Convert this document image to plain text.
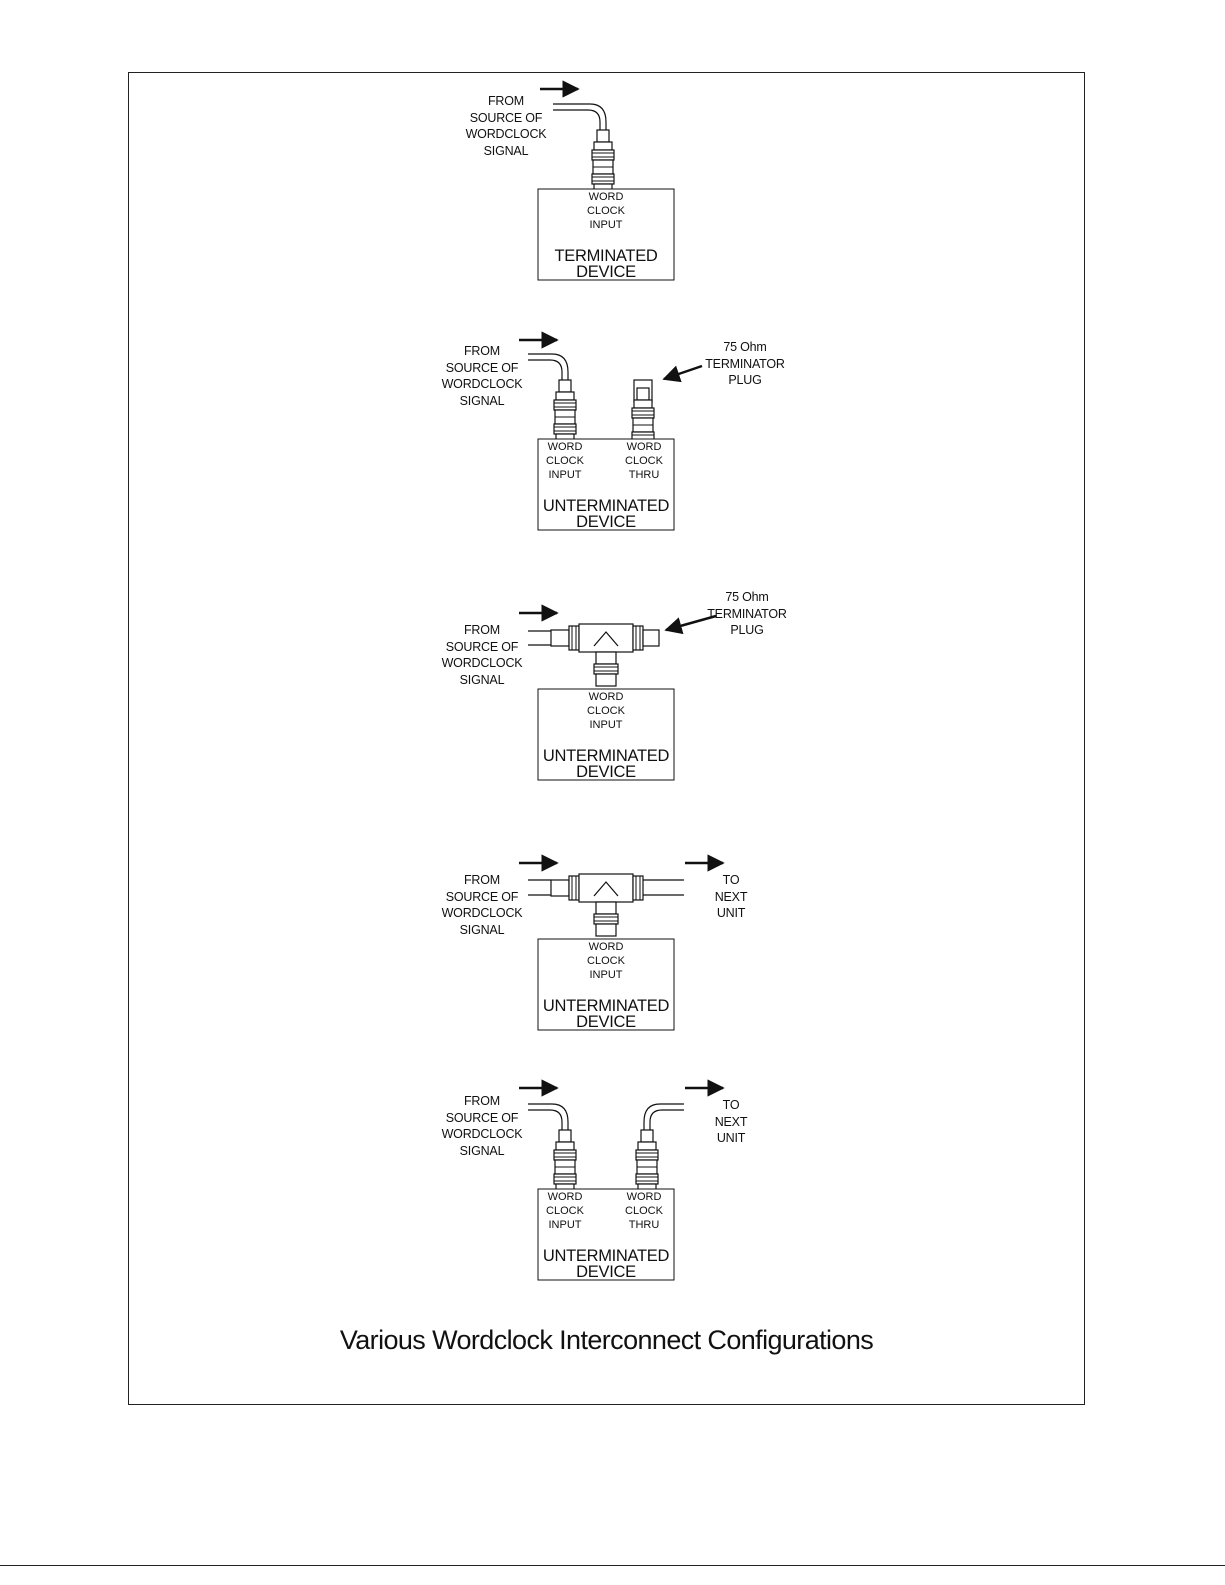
FROM
SOURCE OF
WORDCLOCK
SIGNAL
WORD
CLOCK
INPUT
TERMINATED
DEVICE
FROM
SOURCE OF
WORDCLOCK
SIGNAL
75 Ohm
TERMINATOR
PLUG
WORD
CLOCK
INPUT
WORD
CLOCK
THRU
UNTERMINATED
DEVICE
FROM
SOURCE OF
WORDCLOCK
SIGNAL
75 Ohm
TERMINATOR
PLUG
WORD
CLOCK
INPUT
UNTERMINATED
DEVICE
FROM
SOURCE OF
WORDCLOCK
SIGNAL
TO
NEXT
UNIT
WORD
CLOCK
INPUT
UNTERMINATED
DEVICE
FROM
SOURCE OF
WORDCLOCK
SIGNAL
TO
NEXT
UNIT
WORD
CLOCK
INPUT
WORD
CLOCK
THRU
UNTERMINATED
DEVICE
Various Wordclock Interconnect Configurations
